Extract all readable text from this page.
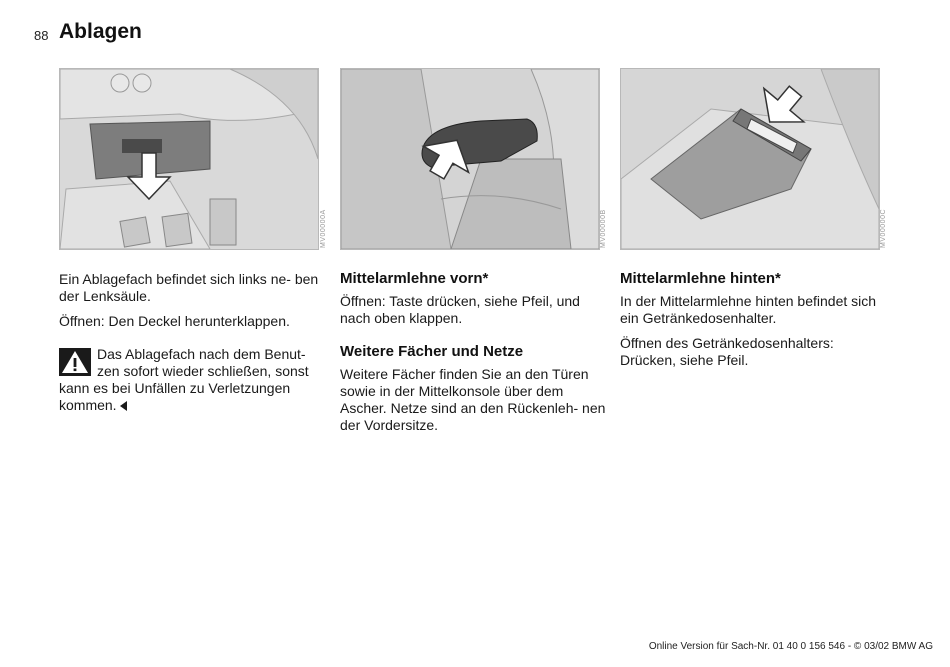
88 Ablagen
MV00000A	MV00000B	MV00000C

Ein Ablagefach befindet sich links ne- ben der Lenksäule.

Öffnen: Den Deckel herunterklappen.

Das Ablagefach nach dem Benut- zen sofort wieder schließen, sonst kann es bei Unfällen zu Verletzungen kommen.
Mittelarmlehne vorn*

Öffnen: Taste drücken, siehe Pfeil, und nach oben klappen.

Weitere Fächer und Netze

Weitere Fächer finden Sie an den Türen sowie in der Mittelkonsole über dem Ascher. Netze sind an den Rückenleh- nen der Vordersitze.

Mittelarmlehne hinten*

In der Mittelarmlehne hinten befindet sich ein Getränkedosenhalter.

Öffnen des Getränkedosenhalters: Drücken, siehe Pfeil.

Online Version für Sach-Nr. 01 40 0 156 546 - © 03/02 BMW AG
